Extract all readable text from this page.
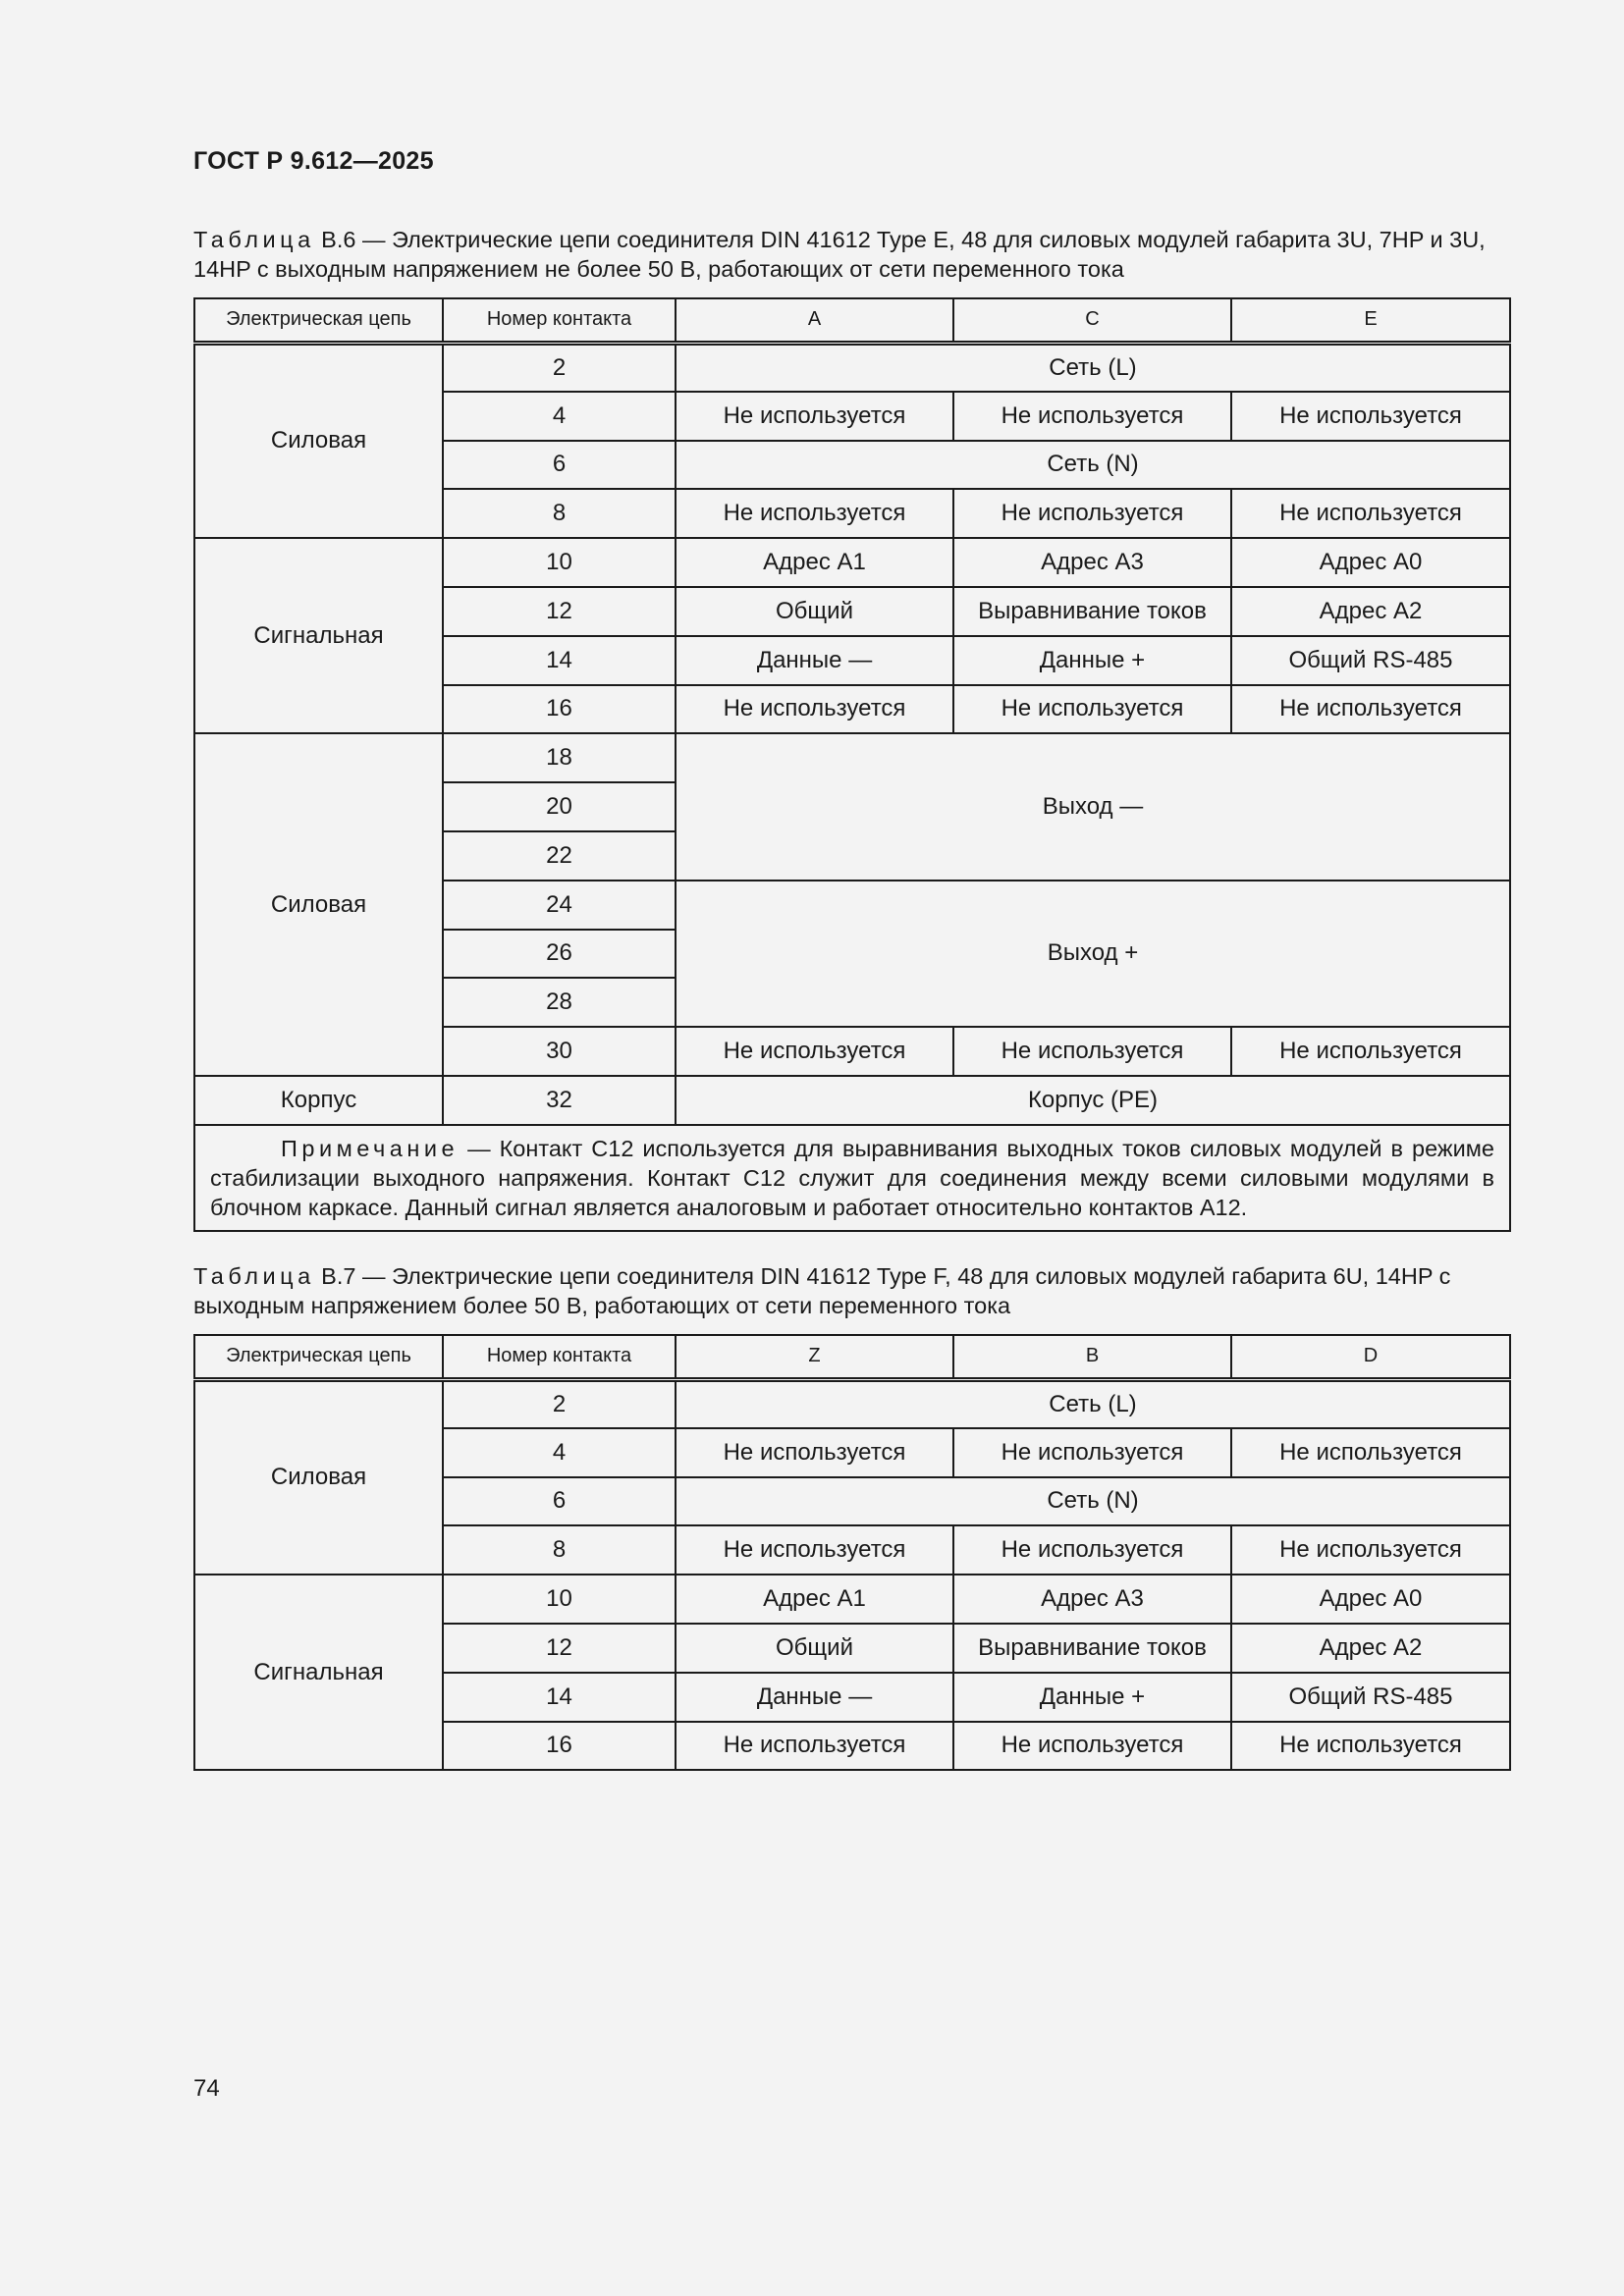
ГОСТ Р 9.612—2025
Таблица В.6 — Электрические цепи соединителя DIN 41612 Type E, 48 для силовых модулей габарита 3U, 7HP и 3U, 14HP с выходным напряжением не более 50 В, работающих от сети переменного тока
Электрическая цепь	Номер контакта	A	C	E
Силовая	2	Сеть (L)		
	4	Не используется	Не используется	Не используется
	6	Сеть (N)		
	8	Не используется	Не используется	Не используется
Сигнальная	10	Адрес A1	Адрес A3	Адрес A0
	12	Общий	Выравнивание токов	Адрес A2
	14	Данные —	Данные +	Общий RS-485
	16	Не используется	Не используется	Не используется
Силовая	18	Выход —		
	20			
	22			
	24	Выход +		
	26			
	28			
	30	Не используется	Не используется	Не используется
Корпус	32	Корпус (PE)		
Примечание — Контакт С12 используется для выравнивания выходных токов силовых модулей в режиме стабилизации выходного напряжения. Контакт С12 служит для соединения между всеми силовыми модулями в блочном каркасе. Данный сигнал является аналоговым и работает относительно контактов А12.				
Таблица В.7 — Электрические цепи соединителя DIN 41612 Type F, 48 для силовых модулей габарита 6U, 14HP с выходным напряжением более 50 В, работающих от сети переменного тока
Электрическая цепь	Номер контакта	Z	B	D
Силовая	2	Сеть (L)		
	4	Не используется	Не используется	Не используется
	6	Сеть (N)		
	8	Не используется	Не используется	Не используется
Сигнальная	10	Адрес A1	Адрес A3	Адрес A0
	12	Общий	Выравнивание токов	Адрес A2
	14	Данные —	Данные +	Общий RS-485
	16	Не используется	Не используется	Не используется
74
